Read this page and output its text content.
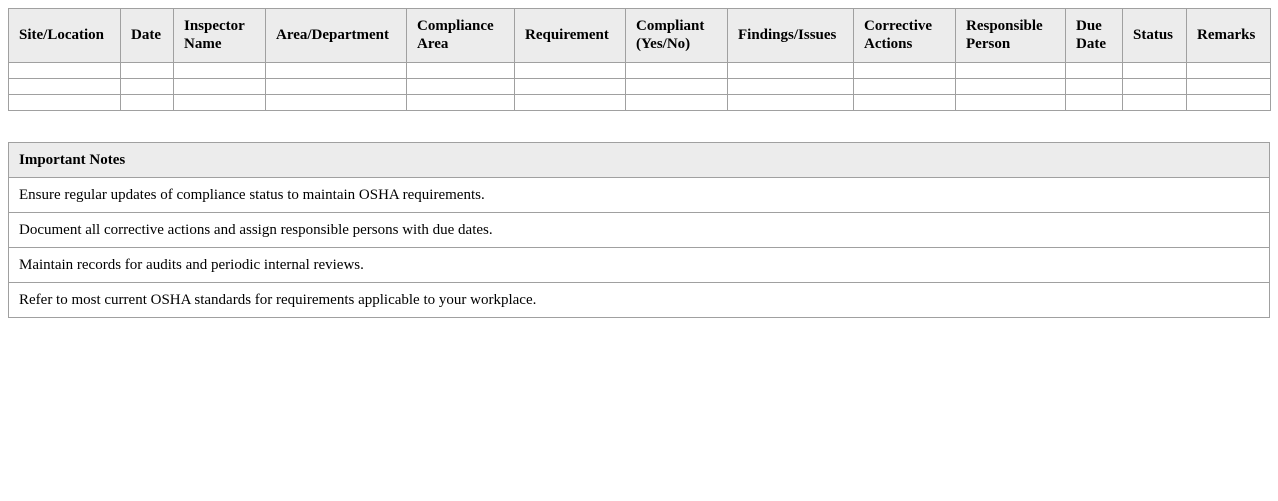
Site/Location	Date	Inspector Name	Area/Department	Compliance Area	Requirement	Compliant (Yes/No)	Findings/Issues	Corrective Actions	Responsible Person	Due Date	Status	Remarks

Important Notes
Ensure regular updates of compliance status to maintain OSHA requirements.
Document all corrective actions and assign responsible persons with due dates.
Maintain records for audits and periodic internal reviews.
Refer to most current OSHA standards for requirements applicable to your workplace.
